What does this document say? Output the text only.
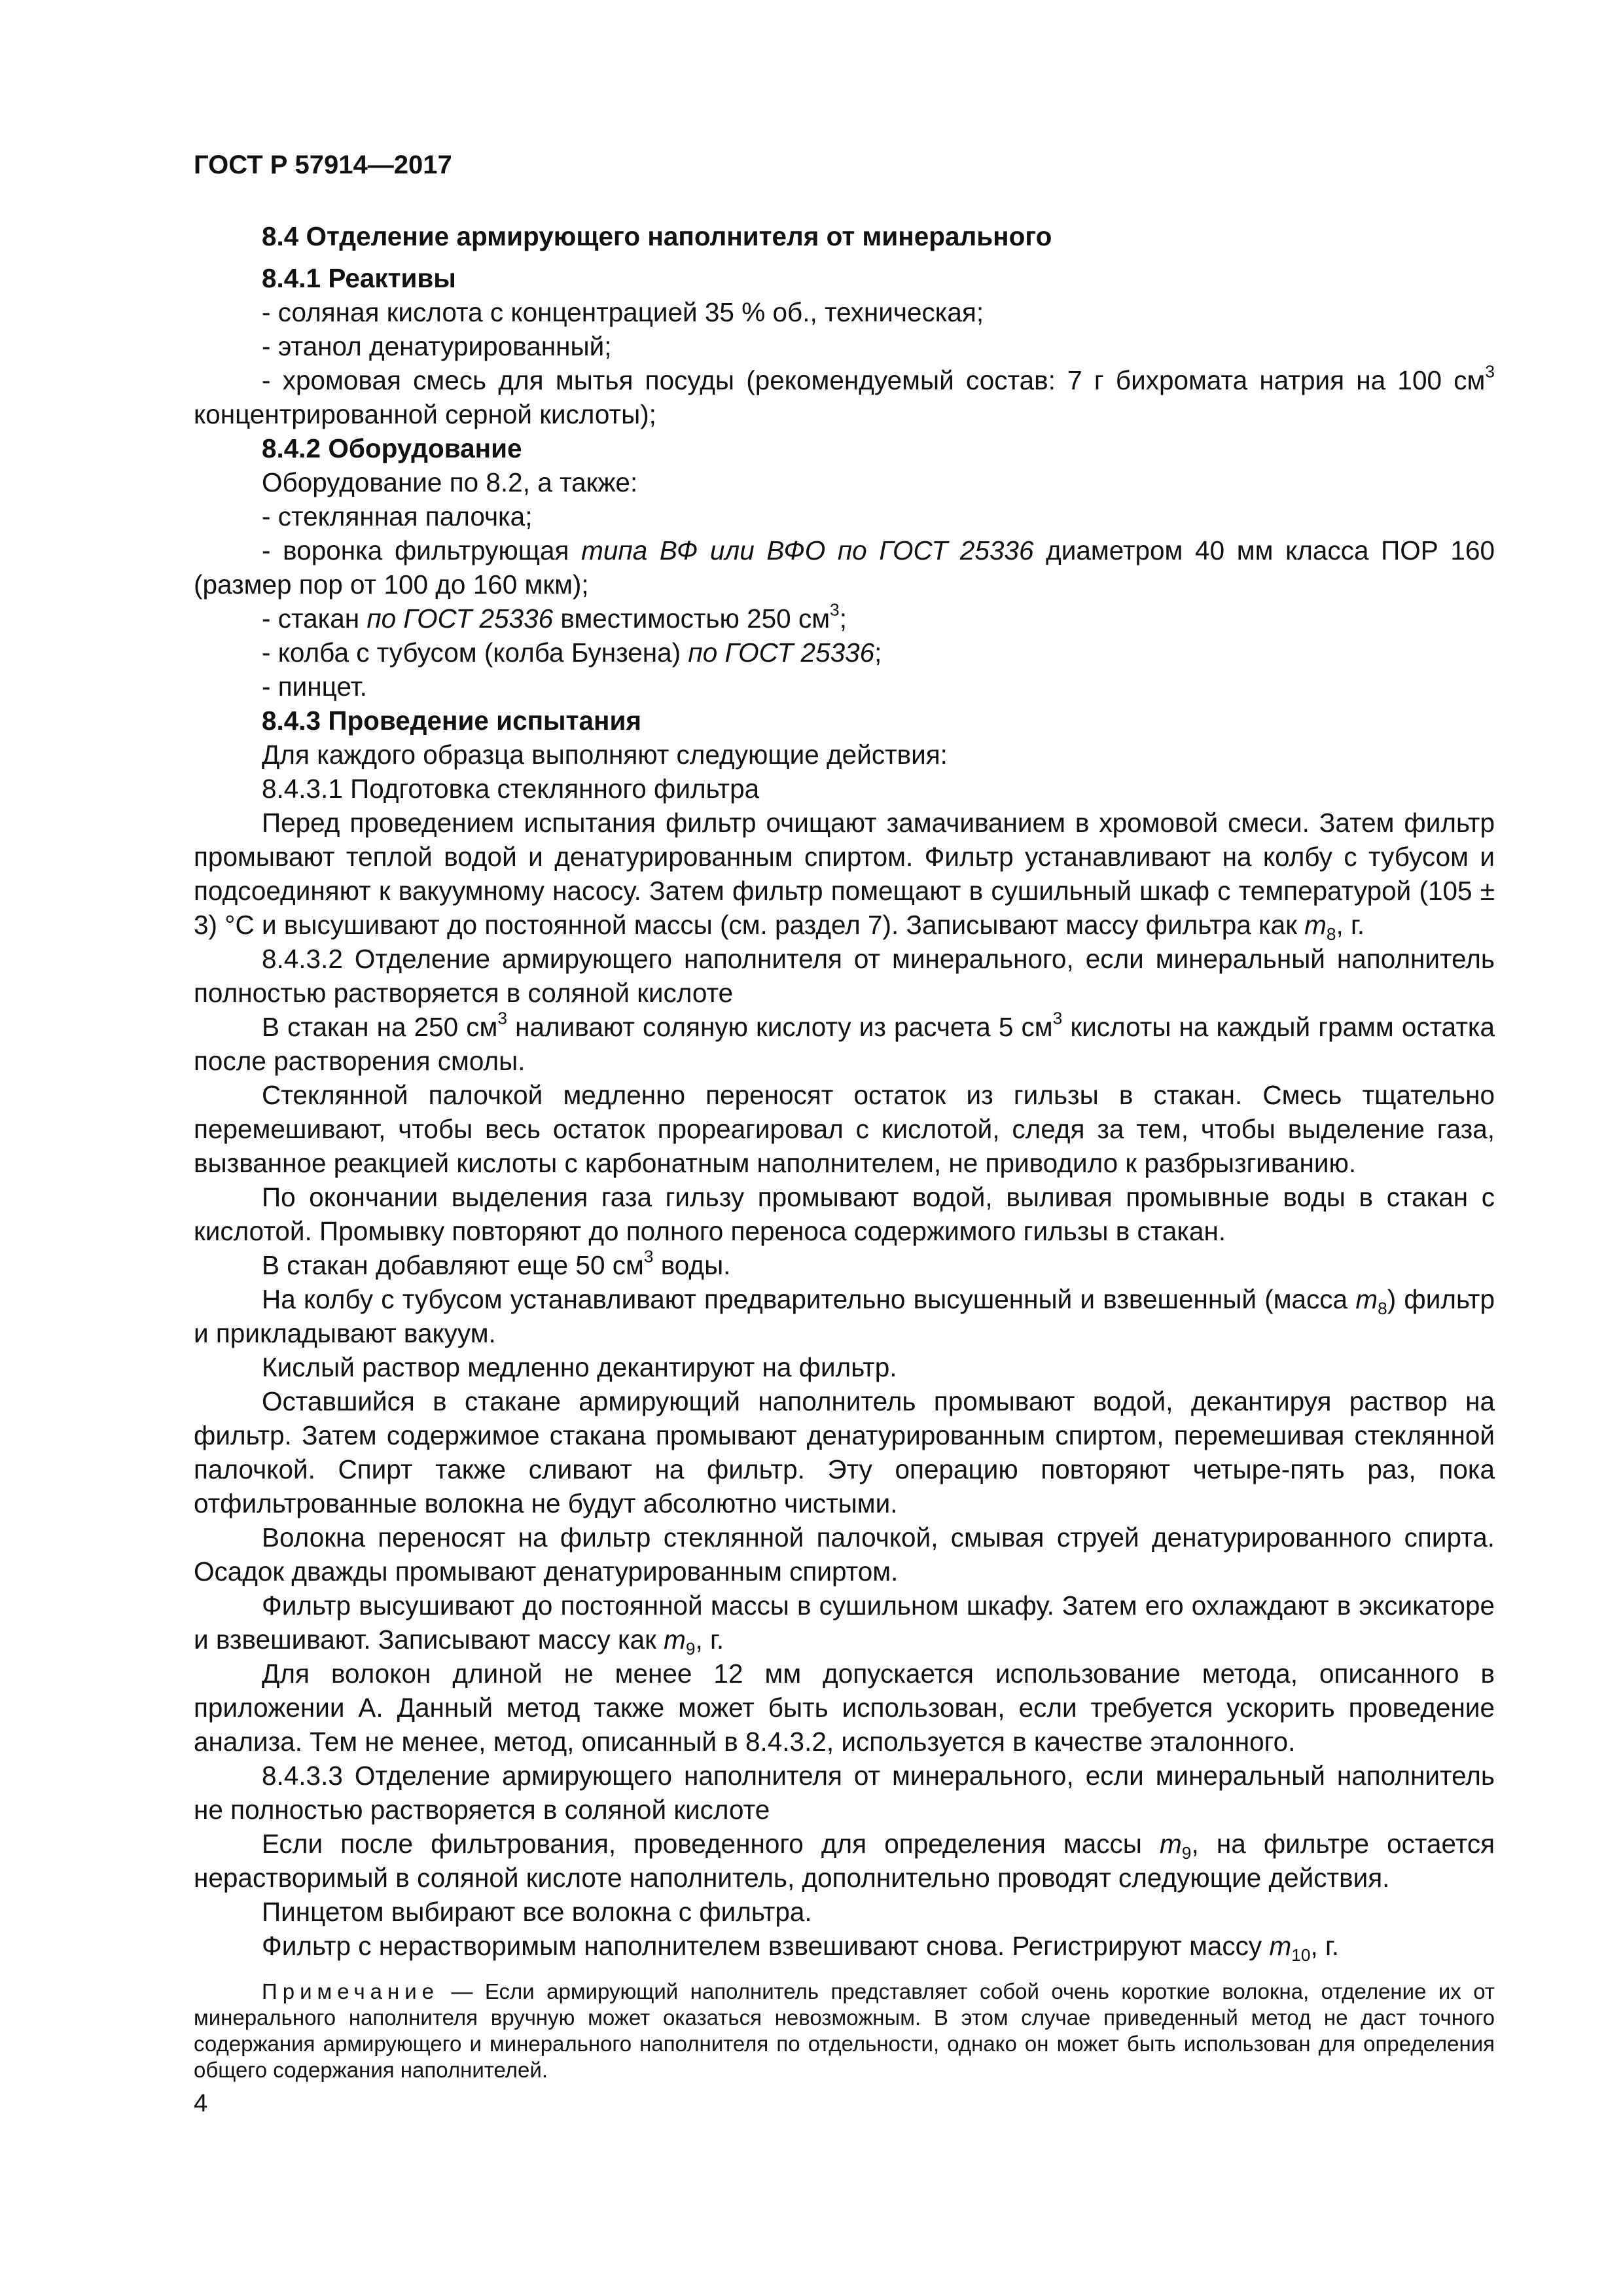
ГОСТ Р 57914—2017

8.4 Отделение армирующего наполнителя от минерального

8.4.1 Реактивы

- соляная кислота с концентрацией 35 % об., техническая;

- этанол денатурированный;

- хромовая смесь для мытья посуды (рекомендуемый состав: 7 г бихромата натрия на 100 $см^3$ концентрированной серной кислоты);

8.4.2 Оборудование

Оборудование по 8.2, а также:

- стеклянная палочка;

- воронка фильтрующая типа ВФ или ВФО по ГОСТ 25336 диаметром 40 мм класса ПОР 160 (размер пор от 100 до 160 мкм);

- стакан по ГОСТ 25336 вместимостью 250 $см^3$;

- колба с тубусом (колба Бунзена) по ГОСТ 25336;

- пинцет.

8.4.3 Проведение испытания

Для каждого образца выполняют следующие действия:

8.4.3.1 Подготовка стеклянного фильтра

Перед проведением испытания фильтр очищают замачиванием в хромовой смеси. Затем фильтр промывают теплой водой и денатурированным спиртом. Фильтр устанавливают на колбу с тубусом и подсоединяют к вакуумному насосу. Затем фильтр помещают в сушильный шкаф с температурой (105 ± 3) °С и высушивают до постоянной массы (см. раздел 7). Записывают массу фильтра как $m_8$, г.

8.4.3.2 Отделение армирующего наполнителя от минерального, если минеральный наполнитель полностью растворяется в соляной кислоте

В стакан на 250 $см^3$ наливают соляную кислоту из расчета 5 $см^3$ кислоты на каждый грамм остатка после растворения смолы.

Стеклянной палочкой медленно переносят остаток из гильзы в стакан. Смесь тщательно перемешивают, чтобы весь остаток прореагировал с кислотой, следя за тем, чтобы выделение газа, вызванное реакцией кислоты с карбонатным наполнителем, не приводило к разбрызгиванию.

По окончании выделения газа гильзу промывают водой, выливая промывные воды в стакан с кислотой. Промывку повторяют до полного переноса содержимого гильзы в стакан.

В стакан добавляют еще 50 $см^3$ воды.

На колбу с тубусом устанавливают предварительно высушенный и взвешенный (масса $m_8$) фильтр и прикладывают вакуум.

Кислый раствор медленно декантируют на фильтр.

Оставшийся в стакане армирующий наполнитель промывают водой, декантируя раствор на фильтр. Затем содержимое стакана промывают денатурированным спиртом, перемешивая стеклянной палочкой. Спирт также сливают на фильтр. Эту операцию повторяют четыре-пять раз, пока отфильтрованные волокна не будут абсолютно чистыми.

Волокна переносят на фильтр стеклянной палочкой, смывая струей денатурированного спирта. Осадок дважды промывают денатурированным спиртом.

Фильтр высушивают до постоянной массы в сушильном шкафу. Затем его охлаждают в эксикаторе и взвешивают. Записывают массу как $m_9$, г.

Для волокон длиной не менее 12 мм допускается использование метода, описанного в приложении А. Данный метод также может быть использован, если требуется ускорить проведение анализа. Тем не менее, метод, описанный в 8.4.3.2, используется в качестве эталонного.

8.4.3.3 Отделение армирующего наполнителя от минерального, если минеральный наполнитель не полностью растворяется в соляной кислоте

Если после фильтрования, проведенного для определения массы $m_9$, на фильтре остается нерастворимый в соляной кислоте наполнитель, дополнительно проводят следующие действия.

Пинцетом выбирают все волокна с фильтра.

Фильтр с нерастворимым наполнителем взвешивают снова. Регистрируют массу $m_{10}$, г.

Примечание — Если армирующий наполнитель представляет собой очень короткие волокна, отделение их от минерального наполнителя вручную может оказаться невозможным. В этом случае приведенный метод не даст точного содержания армирующего и минерального наполнителя по отдельности, однако он может быть использован для определения общего содержания наполнителей.

4
